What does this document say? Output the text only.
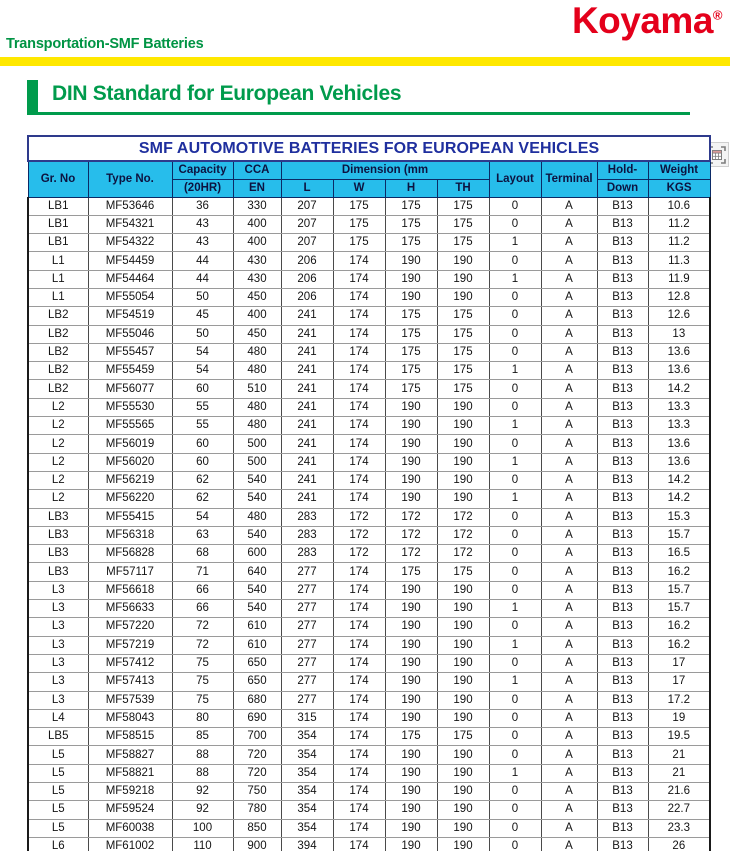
Koyama®
Transportation-SMF Batteries
DIN Standard for European Vehicles
SMF AUTOMOTIVE BATTERIES FOR EUROPEAN VEHICLES											
Gr. No	Type No.	Capacity	CCA	Dimension (mm				Layout	Terminal	Hold-	Weight
		(20HR)	EN	L	W	H	TH			Down	KGS
LB1	MF53646	36	330	207	175	175	175	0	A	B13	10.6
LB1	MF54321	43	400	207	175	175	175	0	A	B13	11.2
LB1	MF54322	43	400	207	175	175	175	1	A	B13	11.2
L1	MF54459	44	430	206	174	190	190	0	A	B13	11.3
L1	MF54464	44	430	206	174	190	190	1	A	B13	11.9
L1	MF55054	50	450	206	174	190	190	0	A	B13	12.8
LB2	MF54519	45	400	241	174	175	175	0	A	B13	12.6
LB2	MF55046	50	450	241	174	175	175	0	A	B13	13
LB2	MF55457	54	480	241	174	175	175	0	A	B13	13.6
LB2	MF55459	54	480	241	174	175	175	1	A	B13	13.6
LB2	MF56077	60	510	241	174	175	175	0	A	B13	14.2
L2	MF55530	55	480	241	174	190	190	0	A	B13	13.3
L2	MF55565	55	480	241	174	190	190	1	A	B13	13.3
L2	MF56019	60	500	241	174	190	190	0	A	B13	13.6
L2	MF56020	60	500	241	174	190	190	1	A	B13	13.6
L2	MF56219	62	540	241	174	190	190	0	A	B13	14.2
L2	MF56220	62	540	241	174	190	190	1	A	B13	14.2
LB3	MF55415	54	480	283	172	172	172	0	A	B13	15.3
LB3	MF56318	63	540	283	172	172	172	0	A	B13	15.7
LB3	MF56828	68	600	283	172	172	172	0	A	B13	16.5
LB3	MF57117	71	640	277	174	175	175	0	A	B13	16.2
L3	MF56618	66	540	277	174	190	190	0	A	B13	15.7
L3	MF56633	66	540	277	174	190	190	1	A	B13	15.7
L3	MF57220	72	610	277	174	190	190	0	A	B13	16.2
L3	MF57219	72	610	277	174	190	190	1	A	B13	16.2
L3	MF57412	75	650	277	174	190	190	0	A	B13	17
L3	MF57413	75	650	277	174	190	190	1	A	B13	17
L3	MF57539	75	680	277	174	190	190	0	A	B13	17.2
L4	MF58043	80	690	315	174	190	190	0	A	B13	19
LB5	MF58515	85	700	354	174	175	175	0	A	B13	19.5
L5	MF58827	88	720	354	174	190	190	0	A	B13	21
L5	MF58821	88	720	354	174	190	190	1	A	B13	21
L5	MF59218	92	750	354	174	190	190	0	A	B13	21.6
L5	MF59524	92	780	354	174	190	190	0	A	B13	22.7
L5	MF60038	100	850	354	174	190	190	0	A	B13	23.3
L6	MF61002	110	900	394	174	190	190	0	A	B13	26
